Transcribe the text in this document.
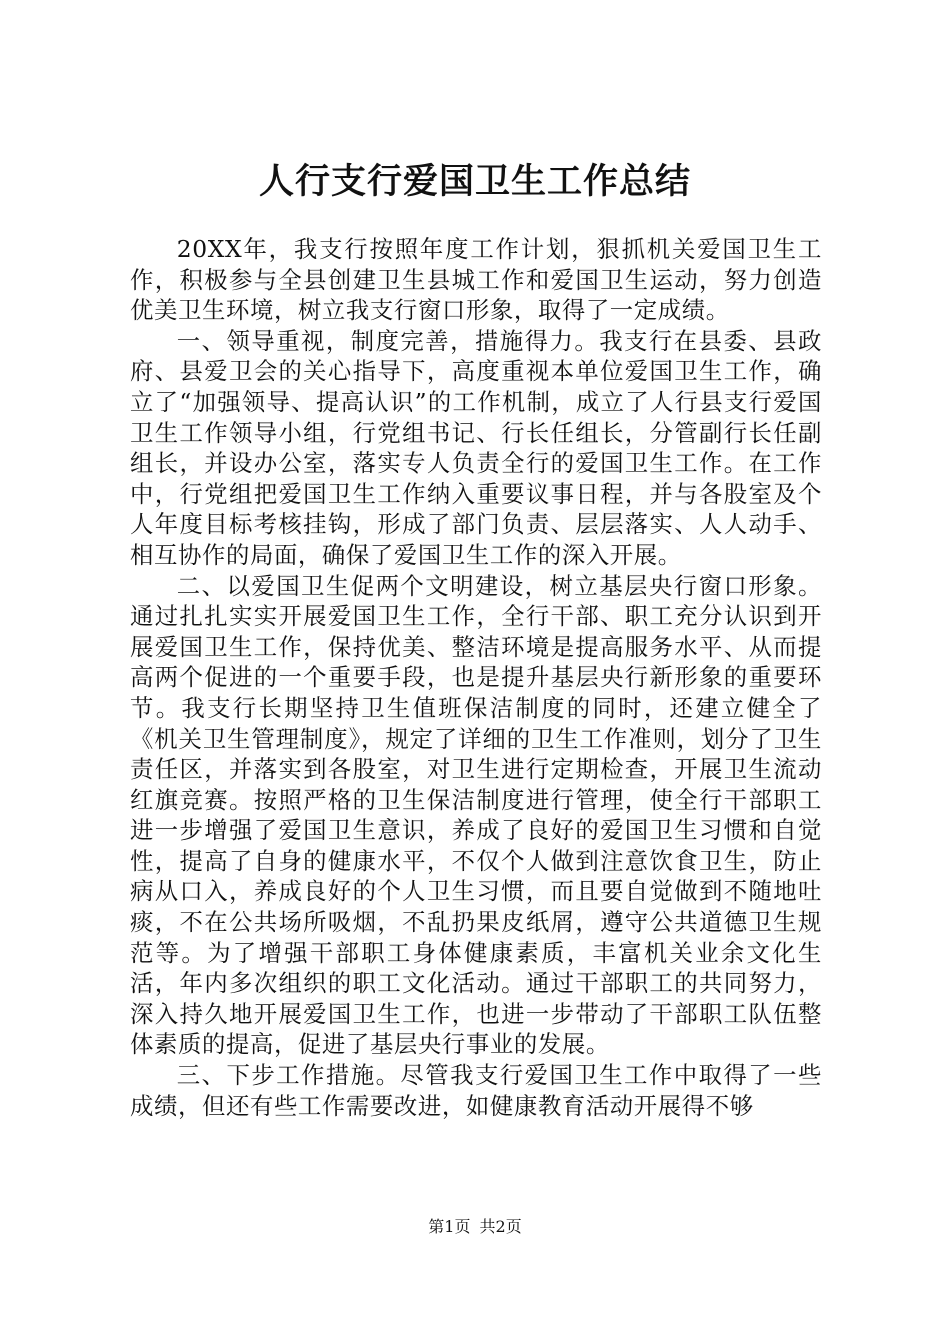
人行支行爱国卫生工作总结

20XX年，我支行按照年度工作计划，狠抓机关爱国卫生工作，积极参与全县创建卫生县城工作和爱国卫生运动，努力创造优美卫生环境，树立我支行窗口形象，取得了一定成绩。

一、领导重视，制度完善，措施得力。我支行在县委、县政府、县爱卫会的关心指导下，高度重视本单位爱国卫生工作，确立了“加强领导、提高认识”的工作机制，成立了人行县支行爱国卫生工作领导小组，行党组书记、行长任组长，分管副行长任副组长，并设办公室，落实专人负责全行的爱国卫生工作。在工作中，行党组把爱国卫生工作纳入重要议事日程，并与各股室及个人年度目标考核挂钩，形成了部门负责、层层落实、人人动手、相互协作的局面，确保了爱国卫生工作的深入开展。

二、以爱国卫生促两个文明建设，树立基层央行窗口形象。通过扎扎实实开展爱国卫生工作，全行干部、职工充分认识到开展爱国卫生工作，保持优美、整洁环境是提高服务水平、从而提高两个促进的一个重要手段，也是提升基层央行新形象的重要环节。我支行长期坚持卫生值班保洁制度的同时，还建立健全了《机关卫生管理制度》，规定了详细的卫生工作准则，划分了卫生责任区，并落实到各股室，对卫生进行定期检查，开展卫生流动红旗竞赛。按照严格的卫生保洁制度进行管理，使全行干部职工进一步增强了爱国卫生意识，养成了良好的爱国卫生习惯和自觉性，提高了自身的健康水平，不仅个人做到注意饮食卫生，防止病从口入，养成良好的个人卫生习惯，而且要自觉做到不随地吐痰，不在公共场所吸烟，不乱扔果皮纸屑，遵守公共道德卫生规范等。为了增强干部职工身体健康素质，丰富机关业余文化生活，年内多次组织的职工文化活动。通过干部职工的共同努力，深入持久地开展爱国卫生工作，也进一步带动了干部职工队伍整体素质的提高，促进了基层央行事业的发展。

三、下步工作措施。尽管我支行爱国卫生工作中取得了一些成绩，但还有些工作需要改进，如健康教育活动开展得不够

第1页 共2页
